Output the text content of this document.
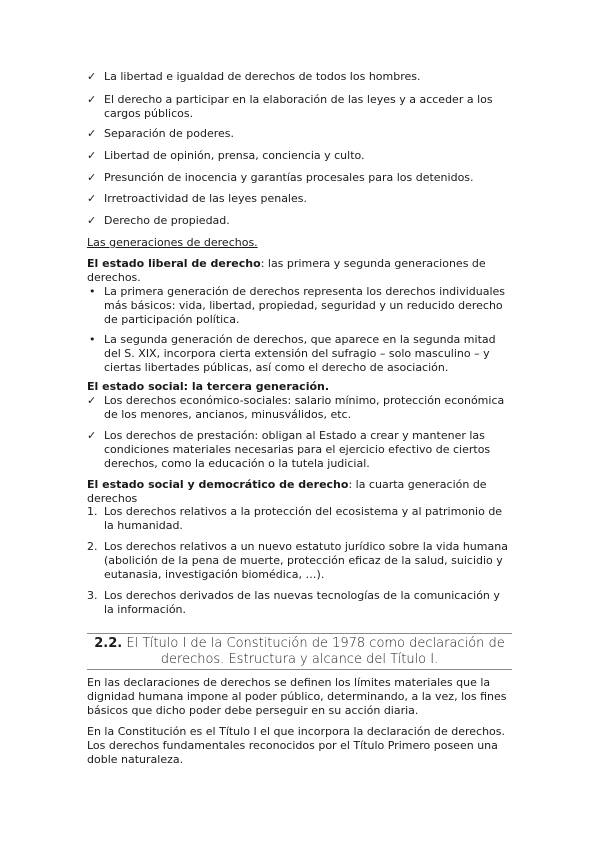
✓ La libertad e igualdad de derechos de todos los hombres.
✓ El derecho a participar en la elaboración de las leyes y a acceder a los
cargos públicos.
✓ Separación de poderes.
✓ Libertad de opinión, prensa, conciencia y culto.
✓ Presunción de inocencia y garantías procesales para los detenidos.
✓ Irretroactividad de las leyes penales.
✓ Derecho de propiedad.
Las generaciones de derechos.
El estado liberal de derecho: las primera y segunda generaciones de
derechos.
• La primera generación de derechos representa los derechos individuales
más básicos: vida, libertad, propiedad, seguridad y un reducido derecho
de participación política.
• La segunda generación de derechos, que aparece en la segunda mitad
del S. XIX, incorpora cierta extensión del sufragio – solo masculino – y
ciertas libertades públicas, así como el derecho de asociación.
El estado social: la tercera generación.
✓ Los derechos económico-sociales: salario mínimo, protección económica
de los menores, ancianos, minusválidos, etc.
✓ Los derechos de prestación: obligan al Estado a crear y mantener las
condiciones materiales necesarias para el ejercicio efectivo de ciertos
derechos, como la educación o la tutela judicial.
El estado social y democrático de derecho: la cuarta generación de
derechos
1. Los derechos relativos a la protección del ecosistema y al patrimonio de
la humanidad.
2. Los derechos relativos a un nuevo estatuto jurídico sobre la vida humana
(abolición de la pena de muerte, protección eficaz de la salud, suicidio y
eutanasia, investigación biomédica, …).
3. Los derechos derivados de las nuevas tecnologías de la comunicación y
la información.
2.2. El Título I de la Constitución de 1978 como declaración de
derechos. Estructura y alcance del Título I.
En las declaraciones de derechos se definen los límites materiales que la
dignidad humana impone al poder público, determinando, a la vez, los fines
básicos que dicho poder debe perseguir en su acción diaria.
En la Constitución es el Título I el que incorpora la declaración de derechos.
Los derechos fundamentales reconocidos por el Título Primero poseen una
doble naturaleza.
